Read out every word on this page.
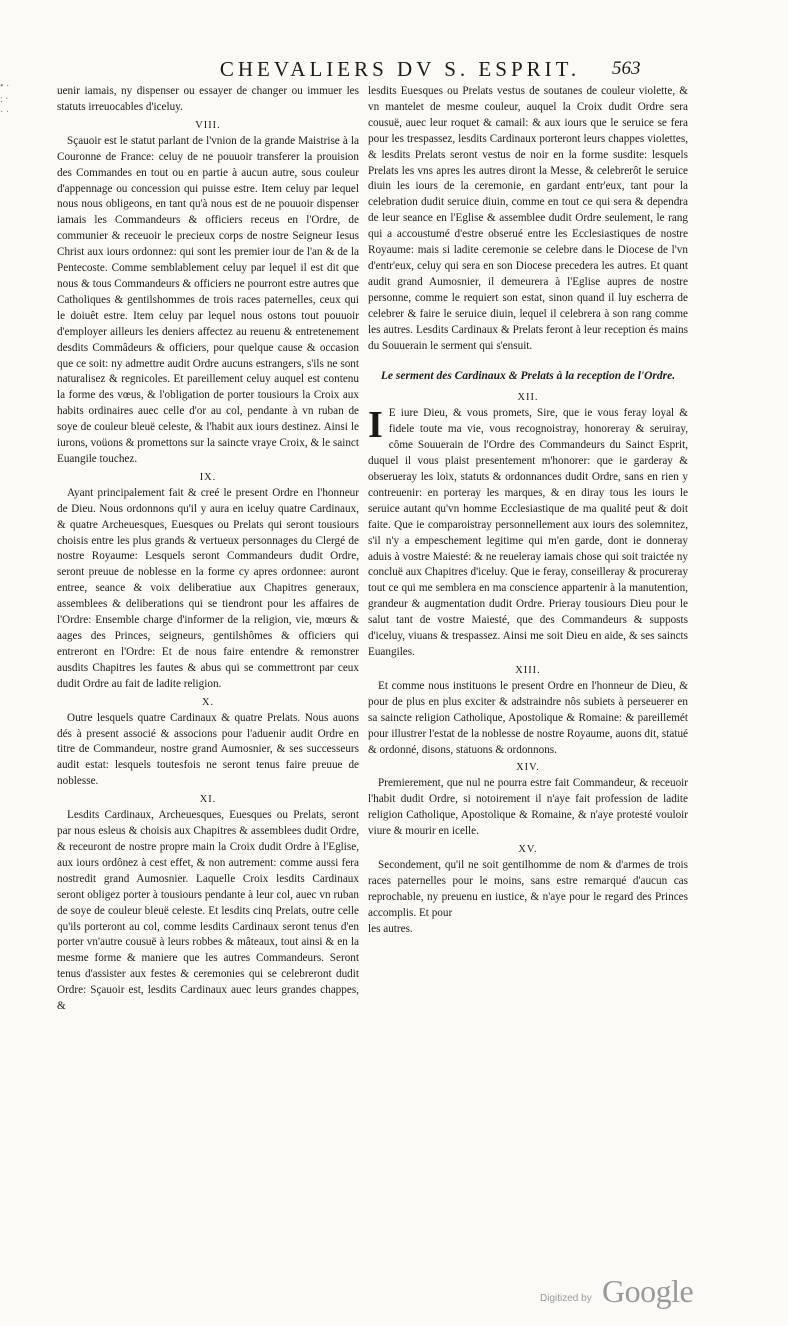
• · : · · ·
CHEVALIERS DV S. ESPRIT.	563

uenir iamais, ny dispenser ou essayer de changer ou immuer les statuts irreuocables d'iceluy.

VIII.

Sçauoir est le statut parlant de l'vnion de la grande Maistrise à la Couronne de France: celuy de ne pouuoir transferer la prouision des Commandes en tout ou en partie à aucun autre, sous couleur d'appennage ou concession qui puisse estre. Item celuy par lequel nous nous obligeons, en tant qu'à nous est de ne pouuoir dispenser iamais les Commandeurs & officiers receus en l'Ordre, de communier & receuoir le precieux corps de nostre Seigneur Iesus Christ aux iours ordonnez: qui sont les premier iour de l'an & de la Pentecoste. Comme semblablement celuy par lequel il est dit que nous & tous Commandeurs & officiers ne pourront estre autres que Catholiques & gentilshommes de trois races paternelles, ceux qui le doiuêt estre. Item celuy par lequel nous ostons tout pouuoir d'employer ailleurs les deniers affectez au reuenu & entretenement desdits Commâdeurs & officiers, pour quelque cause & occasion que ce soit: ny admettre audit Ordre aucuns estrangers, s'ils ne sont naturalisez & regnicoles. Et pareillement celuy auquel est contenu la forme des vœus, & l'obligation de porter tousiours la Croix aux habits ordinaires auec celle d'or au col, pendante à vn ruban de soye de couleur bleuë celeste, & l'habit aux iours destinez. Ainsi le iurons, voüons & promettons sur la saincte vraye Croix, & le sainct Euangile touchez.

IX.

Ayant principalement fait & creé le present Ordre en l'honneur de Dieu. Nous ordonnons qu'il y aura en iceluy quatre Cardinaux, & quatre Archeuesques, Euesques ou Prelats qui seront tousiours choisis entre les plus grands & vertueux personnages du Clergé de nostre Royaume: Lesquels seront Commandeurs dudit Ordre, seront preuue de noblesse en la forme cy apres ordonnee: auront entree, seance & voix deliberatiue aux Chapitres generaux, assemblees & deliberations qui se tiendront pour les affaires de l'Ordre: Ensemble charge d'informer de la religion, vie, mœurs & aages des Princes, seigneurs, gentilshômes & officiers qui entreront en l'Ordre: Et de nous faire entendre & remonstrer ausdits Chapitres les fautes & abus qui se commettront par ceux dudit Ordre au fait de ladite religion.

X.

Outre lesquels quatre Cardinaux & quatre Prelats. Nous auons dés à present associé & associons pour l'aduenir audit Ordre en titre de Commandeur, nostre grand Aumosnier, & ses successeurs audit estat: lesquels toutesfois ne seront tenus faire preuue de noblesse.

XI.

Lesdits Cardinaux, Archeuesques, Euesques ou Prelats, seront par nous esleus & choisis aux Chapitres & assemblees dudit Ordre, & receuront de nostre propre main la Croix dudit Ordre à l'Eglise, aux iours ordônez à cest effet, & non autrement: comme aussi fera nostredit grand Aumosnier. Laquelle Croix lesdits Cardinaux seront obligez porter à tousiours pendante à leur col, auec vn ruban de soye de couleur bleuë celeste. Et lesdits cinq Prelats, outre celle qu'ils porteront au col, comme lesdits Cardinaux seront tenus d'en porter vn'autre cousuë à leurs robbes & mâteaux, tout ainsi & en la mesme forme & maniere que les autres Commandeurs. Seront tenus d'assister aux festes & ceremonies qui se celebreront dudit Ordre: Sçauoir est, lesdits Cardinaux auec leurs grandes chappes, &

lesdits Euesques ou Prelats vestus de soutanes de couleur violette, & vn mantelet de mesme couleur, auquel la Croix dudit Ordre sera cousuë, auec leur roquet & camail: & aux iours que le seruice se fera pour les trespassez, lesdits Cardinaux porteront leurs chappes violettes, & lesdits Prelats seront vestus de noir en la forme susdite: lesquels Prelats les vns apres les autres diront la Messe, & celebrerôt le seruice diuin les iours de la ceremonie, en gardant entr'eux, tant pour la celebration dudit seruice diuin, comme en tout ce qui sera & dependra de leur seance en l'Eglise & assemblee dudit Ordre seulement, le rang qui a accoustumé d'estre obserué entre les Ecclesiastiques de nostre Royaume: mais si ladite ceremonie se celebre dans le Diocese de l'vn d'entr'eux, celuy qui sera en son Diocese precedera les autres. Et quant audit grand Aumosnier, il demeurera à l'Eglise aupres de nostre personne, comme le requiert son estat, sinon quand il luy escherra de celebrer & faire le seruice diuin, lequel il celebrera à son rang comme les autres. Lesdits Cardinaux & Prelats feront à leur reception és mains du Souuerain le serment qui s'ensuit.

Le serment des Cardinaux & Prelats à la reception de l'Ordre.
XII.

I E iure Dieu, & vous promets, Sire, que ie vous feray loyal & fidele toute ma vie, vous recognoistray, honoreray & seruiray, côme Souuerain de l'Ordre des Commandeurs du Sainct Esprit, duquel il vous plaist presentement m'honorer: que ie garderay & obserueray les loix, statuts & ordonnances dudit Ordre, sans en rien y contreuenir: en porteray les marques, & en diray tous les iours le seruice autant qu'vn homme Ecclesiastique de ma qualité peut & doit faite. Que ie comparoistray personnellement aux iours des solemnitez, s'il n'y a empeschement legitime qui m'en garde, dont ie donneray aduis à vostre Maiesté: & ne reueleray iamais chose qui soit traictée ny concluë aux Chapitres d'iceluy. Que ie feray, conseilleray & procureray tout ce qui me semblera en ma conscience appartenir à la manutention, grandeur & augmentation dudit Ordre. Prieray tousiours Dieu pour le salut tant de vostre Maiesté, que des Commandeurs & supposts d'iceluy, viuans & trespassez. Ainsi me soit Dieu en aide, & ses saincts Euangiles.

XIII.

Et comme nous instituons le present Ordre en l'honneur de Dieu, & pour de plus en plus exciter & adstraindre nôs subiets à perseuerer en sa saincte religion Catholique, Apostolique & Romaine: & pareillemét pour illustrer l'estat de la noblesse de nostre Royaume, auons dit, statué & ordonné, disons, statuons & ordonnons.

XIV.

Premierement, que nul ne pourra estre fait Commandeur, & receuoir l'habit dudit Ordre, si notoirement il n'aye fait profession de ladite religion Catholique, Apostolique & Romaine, & n'aye protesté vouloir viure & mourir en icelle.

XV.

Secondement, qu'il ne soit gentilhomme de nom & d'armes de trois races paternelles pour le moins, sans estre remarqué d'aucun cas reprochable, ny preuenu en iustice, & n'aye pour le regard des Princes accomplis. Et pour

les autres.

Digitized by Google
